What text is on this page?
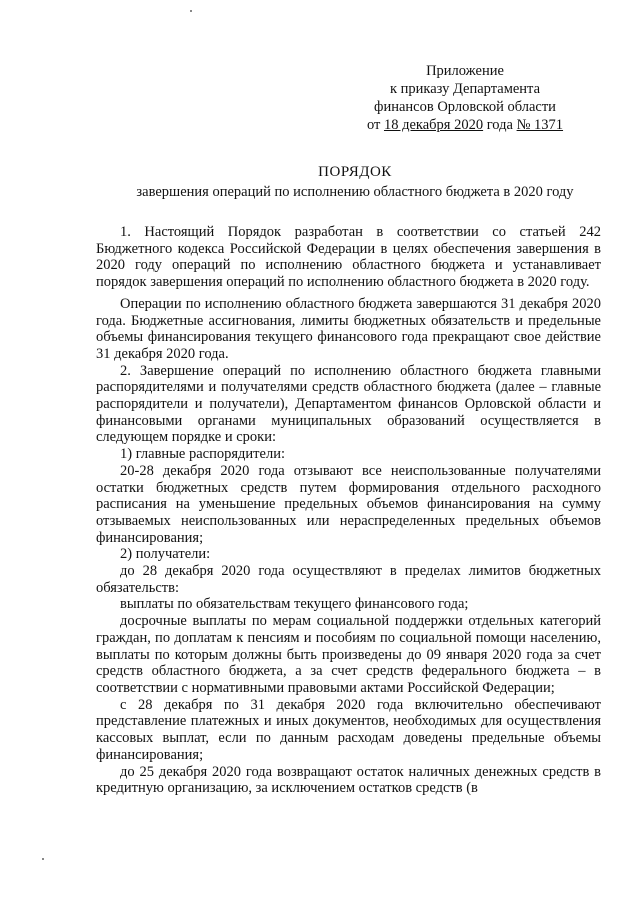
Приложение
к приказу Департамента
финансов Орловской области
от 18 декабря 2020 года № 1371
ПОРЯДОК
завершения операций по исполнению областного бюджета в 2020 году

1. Настоящий Порядок разработан в соответствии со статьей 242 Бюджетного кодекса Российской Федерации в целях обеспечения завершения в 2020 году операций по исполнению областного бюджета и устанавливает порядок завершения операций по исполнению областного бюджета в 2020 году.

Операции по исполнению областного бюджета завершаются 31 декабря 2020 года. Бюджетные ассигнования, лимиты бюджетных обязательств и предельные объемы финансирования текущего финансового года прекращают свое действие 31 декабря 2020 года.

2. Завершение операций по исполнению областного бюджета главными распорядителями и получателями средств областного бюджета (далее – главные распорядители и получатели), Департаментом финансов Орловской области и финансовыми органами муниципальных образований осуществляется в следующем порядке и сроки:

1) главные распорядители:

20-28 декабря 2020 года отзывают все неиспользованные получателями остатки бюджетных средств путем формирования отдельного расходного расписания на уменьшение предельных объемов финансирования на сумму отзываемых неиспользованных или нераспределенных предельных объемов финансирования;

2) получатели:

до 28 декабря 2020 года осуществляют в пределах лимитов бюджетных обязательств:

выплаты по обязательствам текущего финансового года;

досрочные выплаты по мерам социальной поддержки отдельных категорий граждан, по доплатам к пенсиям и пособиям по социальной помощи населению, выплаты по которым должны быть произведены до 09 января 2020 года за счет средств областного бюджета, а за счет средств федерального бюджета – в соответствии с нормативными правовыми актами Российской Федерации;

с 28 декабря по 31 декабря 2020 года включительно обеспечивают представление платежных и иных документов, необходимых для осуществления кассовых выплат, если по данным расходам доведены предельные объемы финансирования;

до 25 декабря 2020 года возвращают остаток наличных денежных средств в кредитную организацию, за исключением остатков средств (в
